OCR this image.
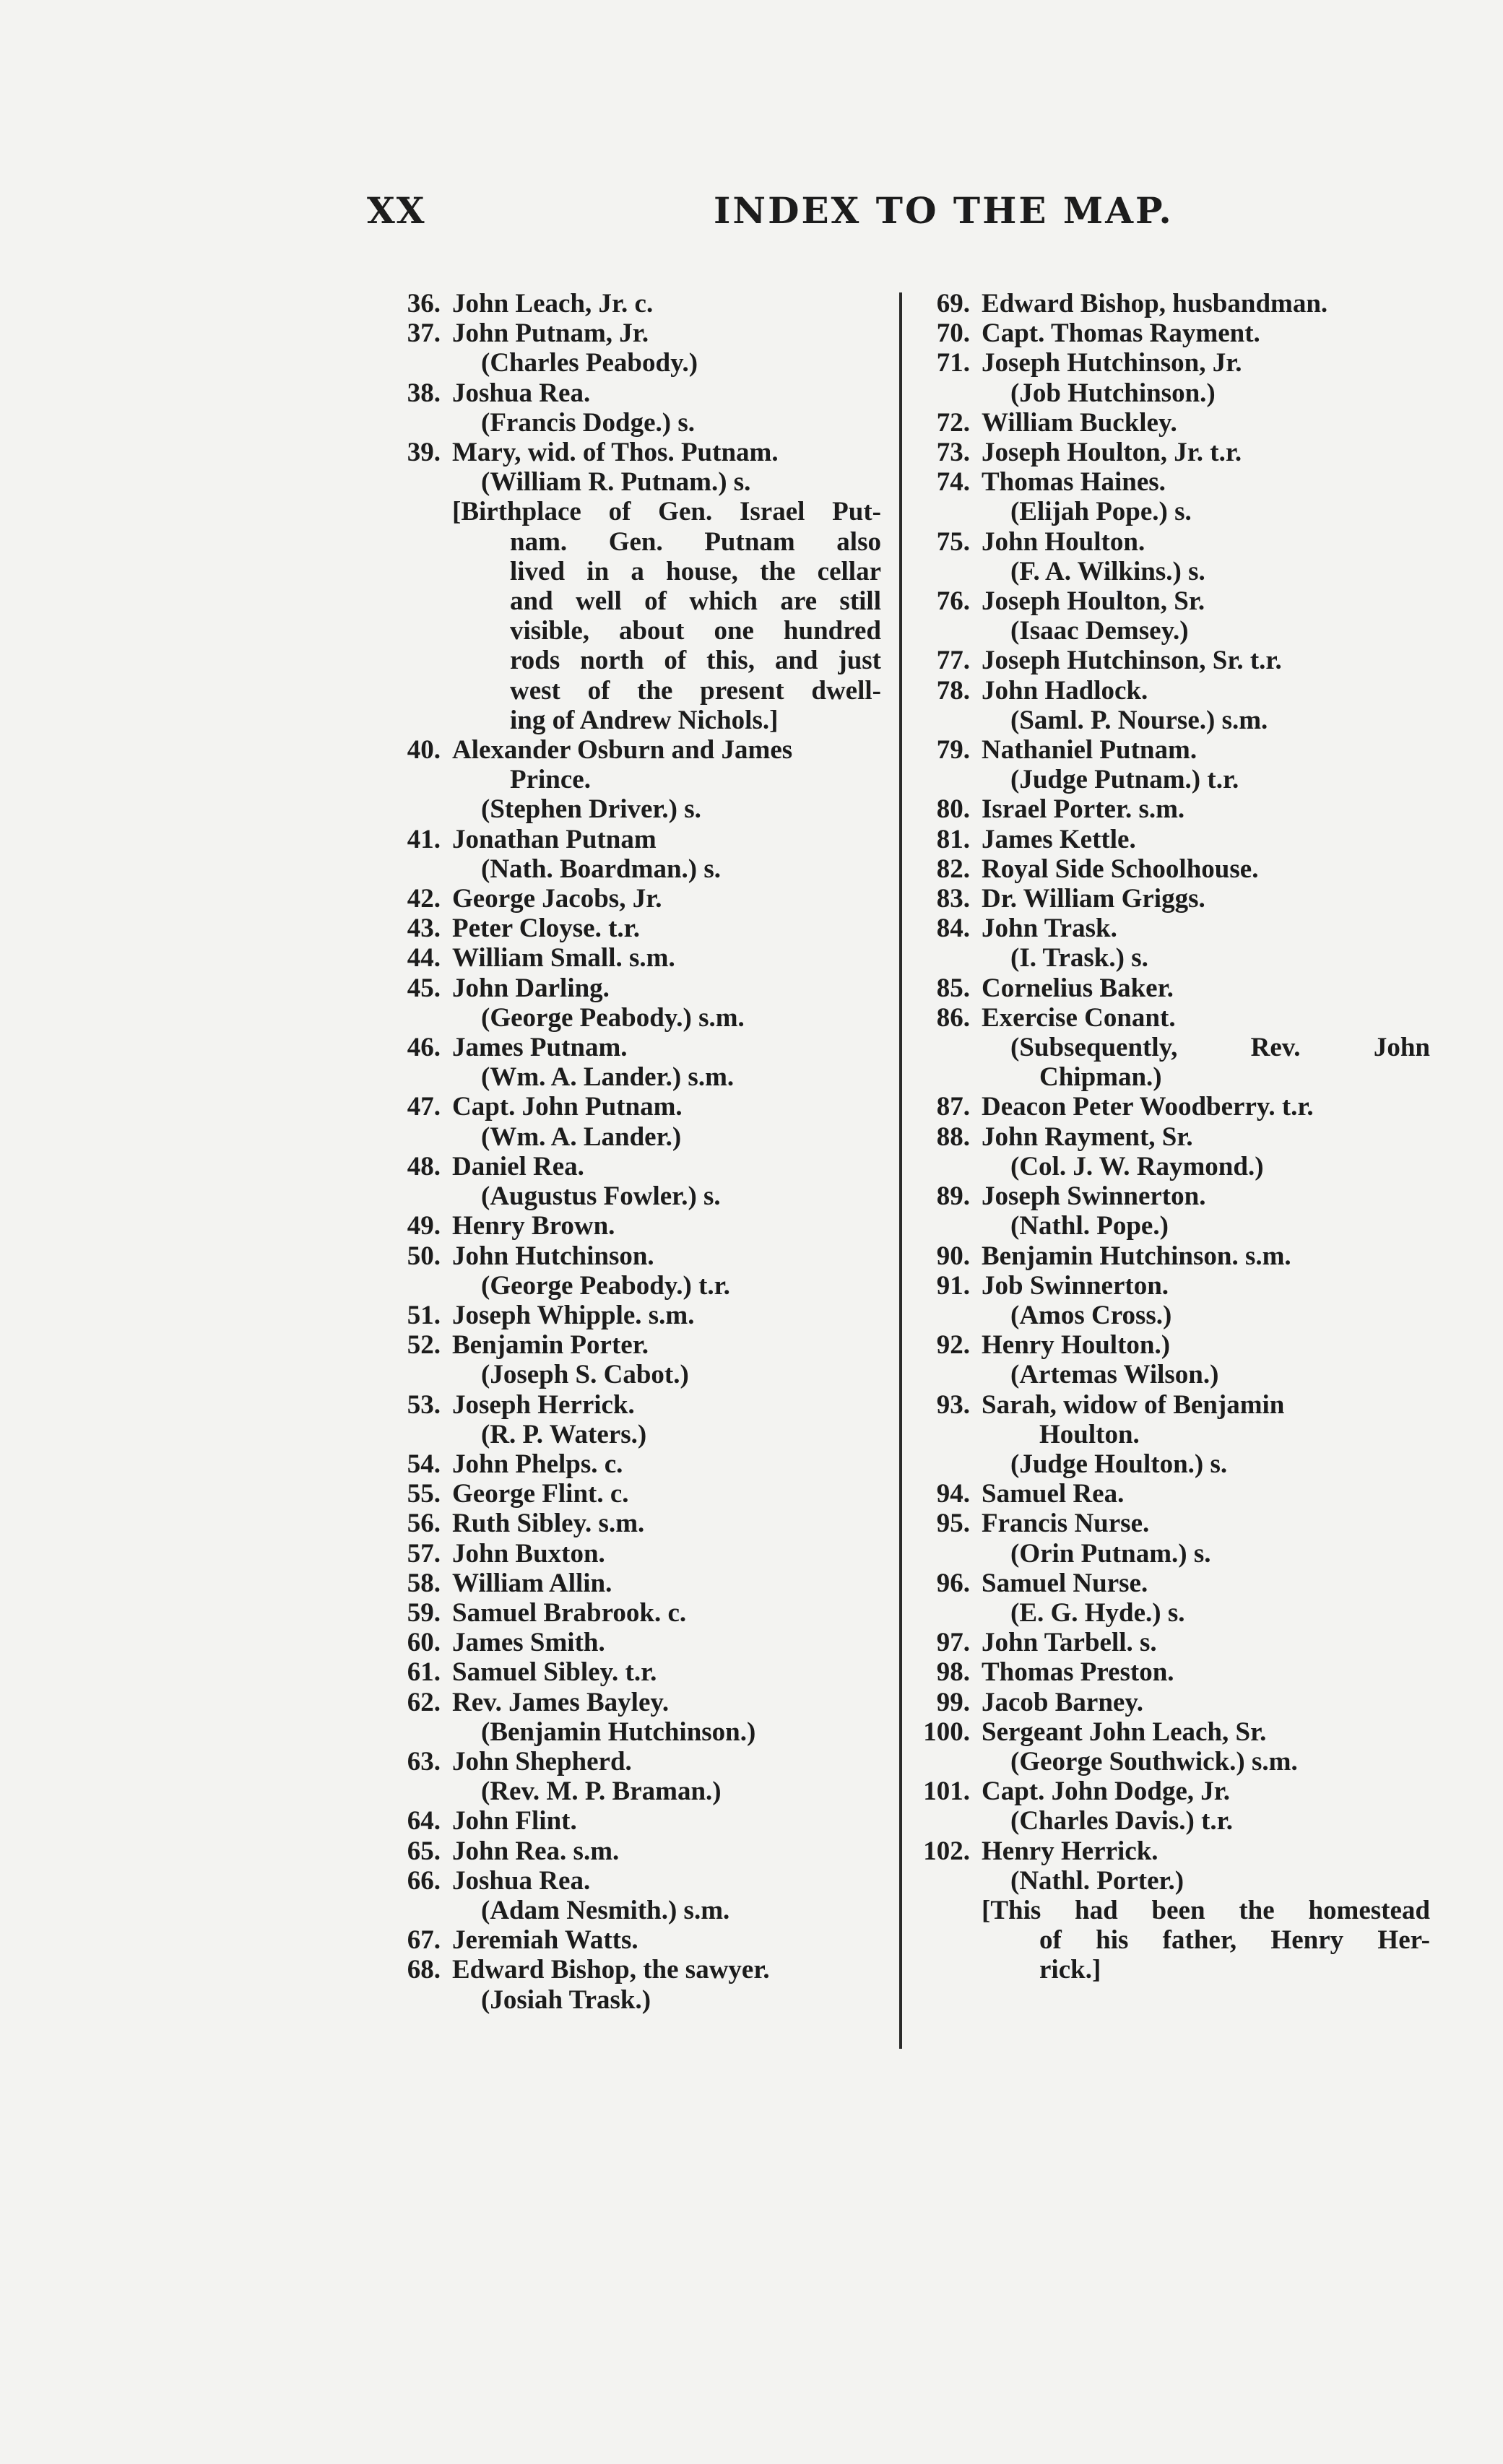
XX	INDEX TO THE MAP.
36. John Leach, Jr. c.
37. John Putnam, Jr.
(Charles Peabody.)
38. Joshua Rea.
(Francis Dodge.) s.
39. Mary, wid. of Thos. Putnam.
(William R. Putnam.) s.
[Birthplace of Gen. Israel Put-
nam. Gen. Putnam also
lived in a house, the cellar
and well of which are still
visible, about one hundred
rods north of this, and just
west of the present dwell-
ing of Andrew Nichols.]
40. Alexander Osburn and James
Prince.
(Stephen Driver.) s.
41. Jonathan Putnam
(Nath. Boardman.) s.
42. George Jacobs, Jr.
43. Peter Cloyse. t.r.
44. William Small. s.m.
45. John Darling.
(George Peabody.) s.m.
46. James Putnam.
(Wm. A. Lander.) s.m.
47. Capt. John Putnam.
(Wm. A. Lander.)
48. Daniel Rea.
(Augustus Fowler.) s.
49. Henry Brown.
50. John Hutchinson.
(George Peabody.) t.r.
51. Joseph Whipple. s.m.
52. Benjamin Porter.
(Joseph S. Cabot.)
53. Joseph Herrick.
(R. P. Waters.)
54. John Phelps. c.
55. George Flint. c.
56. Ruth Sibley. s.m.
57. John Buxton.
58. William Allin.
59. Samuel Brabrook. c.
60. James Smith.
61. Samuel Sibley. t.r.
62. Rev. James Bayley.
(Benjamin Hutchinson.)
63. John Shepherd.
(Rev. M. P. Braman.)
64. John Flint.
65. John Rea. s.m.
66. Joshua Rea.
(Adam Nesmith.) s.m.
67. Jeremiah Watts.
68. Edward Bishop, the sawyer.
(Josiah Trask.)
69. Edward Bishop, husbandman.
70. Capt. Thomas Rayment.
71. Joseph Hutchinson, Jr.
(Job Hutchinson.)
72. William Buckley.
73. Joseph Houlton, Jr. t.r.
74. Thomas Haines.
(Elijah Pope.) s.
75. John Houlton.
(F. A. Wilkins.) s.
76. Joseph Houlton, Sr.
(Isaac Demsey.)
77. Joseph Hutchinson, Sr. t.r.
78. John Hadlock.
(Saml. P. Nourse.) s.m.
79. Nathaniel Putnam.
(Judge Putnam.) t.r.
80. Israel Porter. s.m.
81. James Kettle.
82. Royal Side Schoolhouse.
83. Dr. William Griggs.
84. John Trask.
(I. Trask.) s.
85. Cornelius Baker.
86. Exercise Conant.
(Subsequently, Rev. John
Chipman.)
87. Deacon Peter Woodberry. t.r.
88. John Rayment, Sr.
(Col. J. W. Raymond.)
89. Joseph Swinnerton.
(Nathl. Pope.)
90. Benjamin Hutchinson. s.m.
91. Job Swinnerton.
(Amos Cross.)
92. Henry Houlton.)
(Artemas Wilson.)
93. Sarah, widow of Benjamin
Houlton.
(Judge Houlton.) s.
94. Samuel Rea.
95. Francis Nurse.
(Orin Putnam.) s.
96. Samuel Nurse.
(E. G. Hyde.) s.
97. John Tarbell. s.
98. Thomas Preston.
99. Jacob Barney.
100. Sergeant John Leach, Sr.
(George Southwick.) s.m.
101. Capt. John Dodge, Jr.
(Charles Davis.) t.r.
102. Henry Herrick.
(Nathl. Porter.)
[This had been the homestead
of his father, Henry Her-
rick.]
